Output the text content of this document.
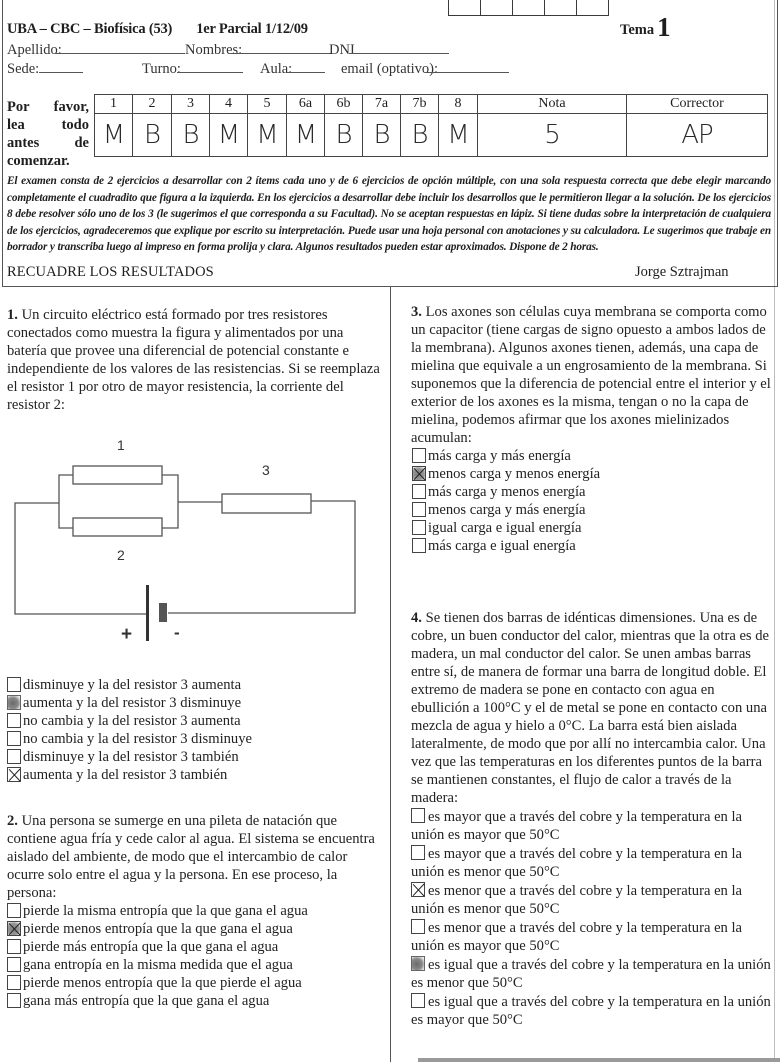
UBA – CBC – Biofísica (53) 1er Parcial 1/12/09	Tema 1
Apellido:	Nombres:	DNI
Sede:	Turno:	Aula:	email (optativo):
Por favor,
lea todo
antes de
comenzar.
1	2	3	4	5	6a	6b	7a	7b	8	Nota	Corrector
M	B	B	M	M	M	B	B	B	M	5	AP
El examen consta de 2 ejercicios a desarrollar con 2 ítems cada uno y de 6 ejercicios de opción múltiple, con una sola respuesta correcta que debe elegir marcando completamente el cuadradito que figura a la izquierda. En los ejercicios a desarrollar debe incluir los desarrollos que le permitieron llegar a la solución. De los ejercicios 8 debe resolver sólo uno de los 3 (le sugerimos el que corresponda a su Facultad). No se aceptan respuestas en lápiz. Si tiene dudas sobre la interpretación de cualquiera de los ejercicios, agradeceremos que explique por escrito su interpretación. Puede usar una hoja personal con anotaciones y su calculadora. Le sugerimos que trabaje en borrador y transcriba luego al impreso en forma prolija y clara. Algunos resultados pueden estar aproximados. Dispone de 2 horas.
RECUADRE LOS RESULTADOS	Jorge Sztrajman
1. Un circuito eléctrico está formado por tres resistores conectados como muestra la figura y alimentados por una batería que provee una diferencial de potencial constante e independiente de los valores de las resistencias. Si se reemplaza el resistor 1 por otro de mayor resistencia, la corriente del resistor 2:
1
2
3
+ -
disminuye y la del resistor 3 aumenta
aumenta y la del resistor 3 disminuye
no cambia y la del resistor 3 aumenta
no cambia y la del resistor 3 disminuye
disminuye y la del resistor 3 también
aumenta y la del resistor 3 también
2. Una persona se sumerge en una pileta de natación que contiene agua fría y cede calor al agua. El sistema se encuentra aislado del ambiente, de modo que el intercambio de calor ocurre solo entre el agua y la persona. En ese proceso, la persona:
pierde la misma entropía que la que gana el agua
pierde menos entropía que la que gana el agua
pierde más entropía que la que gana el agua
gana entropía en la misma medida que el agua
pierde menos entropía que la que pierde el agua
gana más entropía que la que gana el agua
3. Los axones son células cuya membrana se comporta como un capacitor (tiene cargas de signo opuesto a ambos lados de la membrana). Algunos axones tienen, además, una capa de mielina que equivale a un engrosamiento de la membrana. Si suponemos que la diferencia de potencial entre el interior y el exterior de los axones es la misma, tengan o no la capa de mielina, podemos afirmar que los axones mielinizados acumulan:
más carga y más energía
menos carga y menos energía
más carga y menos energía
menos carga y más energía
igual carga e igual energía
más carga e igual energía
4. Se tienen dos barras de idénticas dimensiones. Una es de cobre, un buen conductor del calor, mientras que la otra es de madera, un mal conductor del calor. Se unen ambas barras entre sí, de manera de formar una barra de longitud doble. El extremo de madera se pone en contacto con agua en ebullición a 100°C y el de metal se pone en contacto con una mezcla de agua y hielo a 0°C. La barra está bien aislada lateralmente, de modo que por allí no intercambia calor. Una vez que las temperaturas en los diferentes puntos de la barra se mantienen constantes, el flujo de calor a través de la madera:
es mayor que a través del cobre y la temperatura en la unión es mayor que 50°C
es mayor que a través del cobre y la temperatura en la unión es menor que 50°C
es menor que a través del cobre y la temperatura en la unión es menor que 50°C
es menor que a través del cobre y la temperatura en la unión es mayor que 50°C
es igual que a través del cobre y la temperatura en la unión es menor que 50°C
es igual que a través del cobre y la temperatura en la unión es mayor que 50°C
